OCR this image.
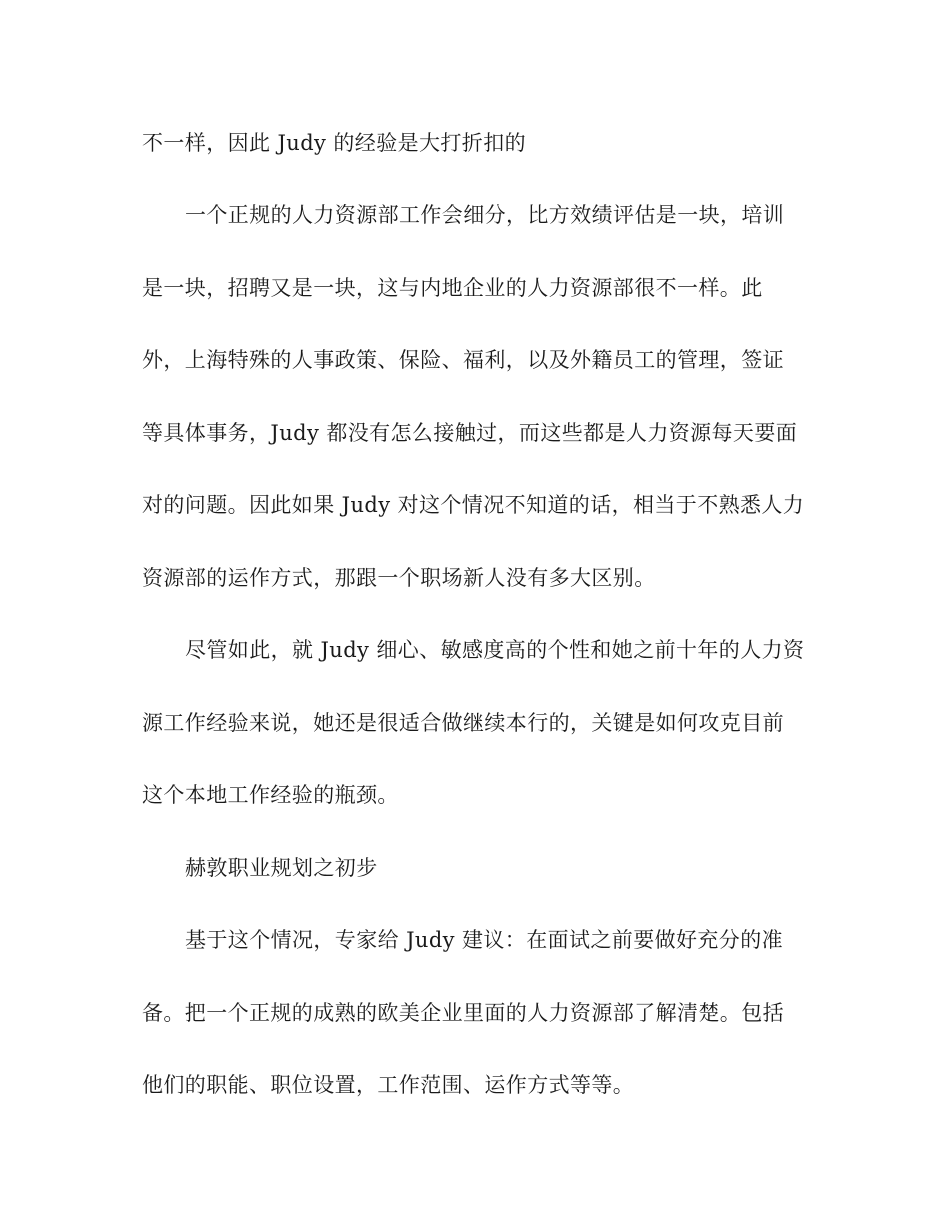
不一样，因此 Judy 的经验是大打折扣的
一个正规的人力资源部工作会细分，比方效绩评估是一块，培训
是一块，招聘又是一块，这与内地企业的人力资源部很不一样。此
外，上海特殊的人事政策、保险、福利，以及外籍员工的管理，签证
等具体事务，Judy 都没有怎么接触过，而这些都是人力资源每天要面
对的问题。因此如果 Judy 对这个情况不知道的话，相当于不熟悉人力
资源部的运作方式，那跟一个职场新人没有多大区别。
尽管如此，就 Judy 细心、敏感度高的个性和她之前十年的人力资
源工作经验来说，她还是很适合做继续本行的，关键是如何攻克目前
这个本地工作经验的瓶颈。
赫敦职业规划之初步
基于这个情况，专家给 Judy 建议：在面试之前要做好充分的准
备。把一个正规的成熟的欧美企业里面的人力资源部了解清楚。包括
他们的职能、职位设置，工作范围、运作方式等等。
